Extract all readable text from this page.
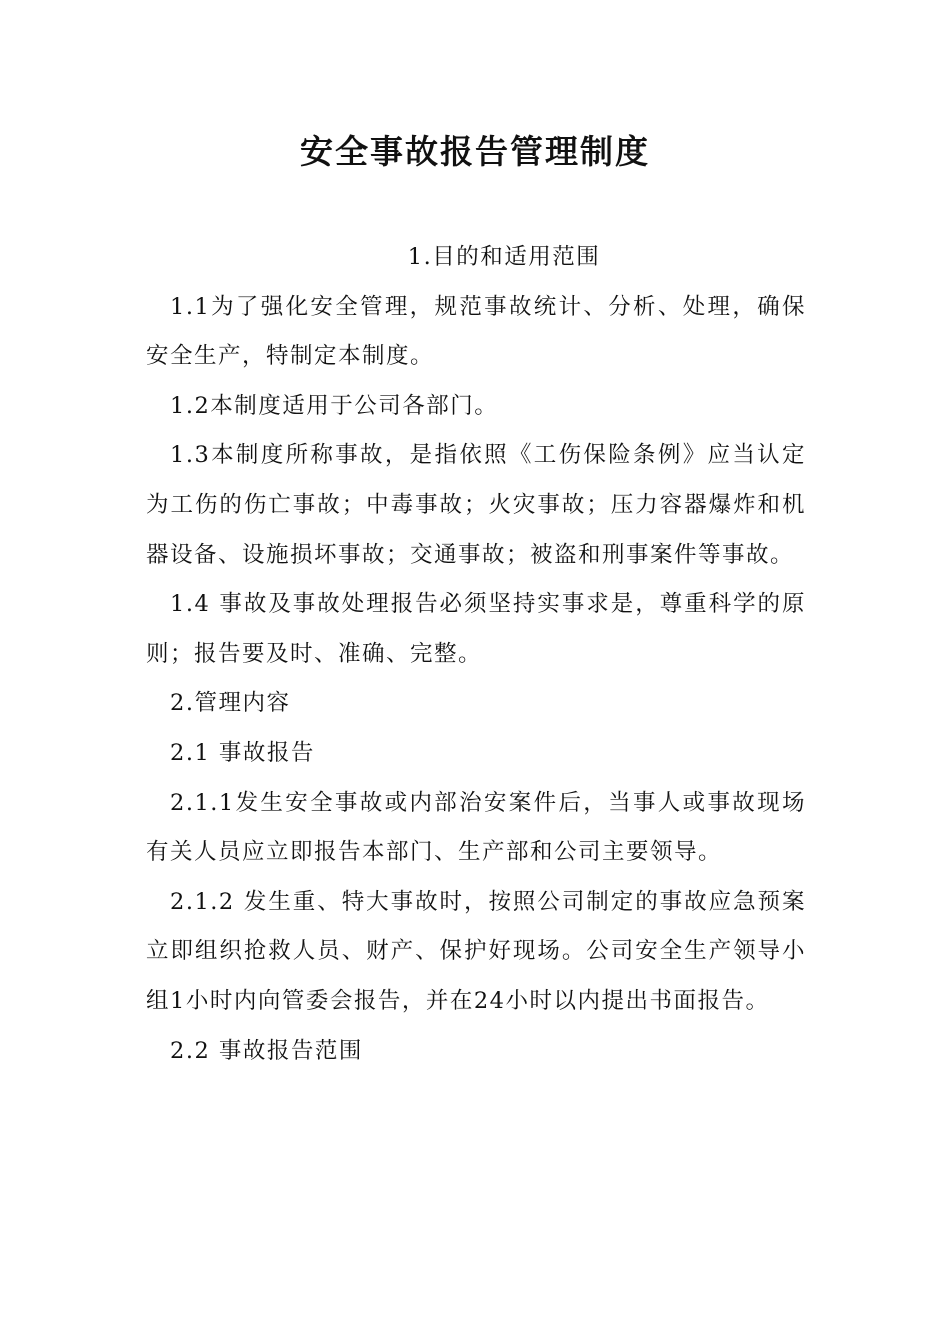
安全事故报告管理制度

1.目的和适用范围

1.1为了强化安全管理，规范事故统计、分析、处理，确保安全生产，特制定本制度。

1.2本制度适用于公司各部门。

1.3本制度所称事故，是指依照《工伤保险条例》应当认定为工伤的伤亡事故；中毒事故；火灾事故；压力容器爆炸和机器设备、设施损坏事故；交通事故；被盗和刑事案件等事故。

1.4 事故及事故处理报告必须坚持实事求是，尊重科学的原则；报告要及时、准确、完整。

2.管理内容

2.1 事故报告

2.1.1发生安全事故或内部治安案件后，当事人或事故现场有关人员应立即报告本部门、生产部和公司主要领导。

2.1.2 发生重、特大事故时，按照公司制定的事故应急预案立即组织抢救人员、财产、保护好现场。公司安全生产领导小组1小时内向管委会报告，并在24小时以内提出书面报告。

2.2 事故报告范围
